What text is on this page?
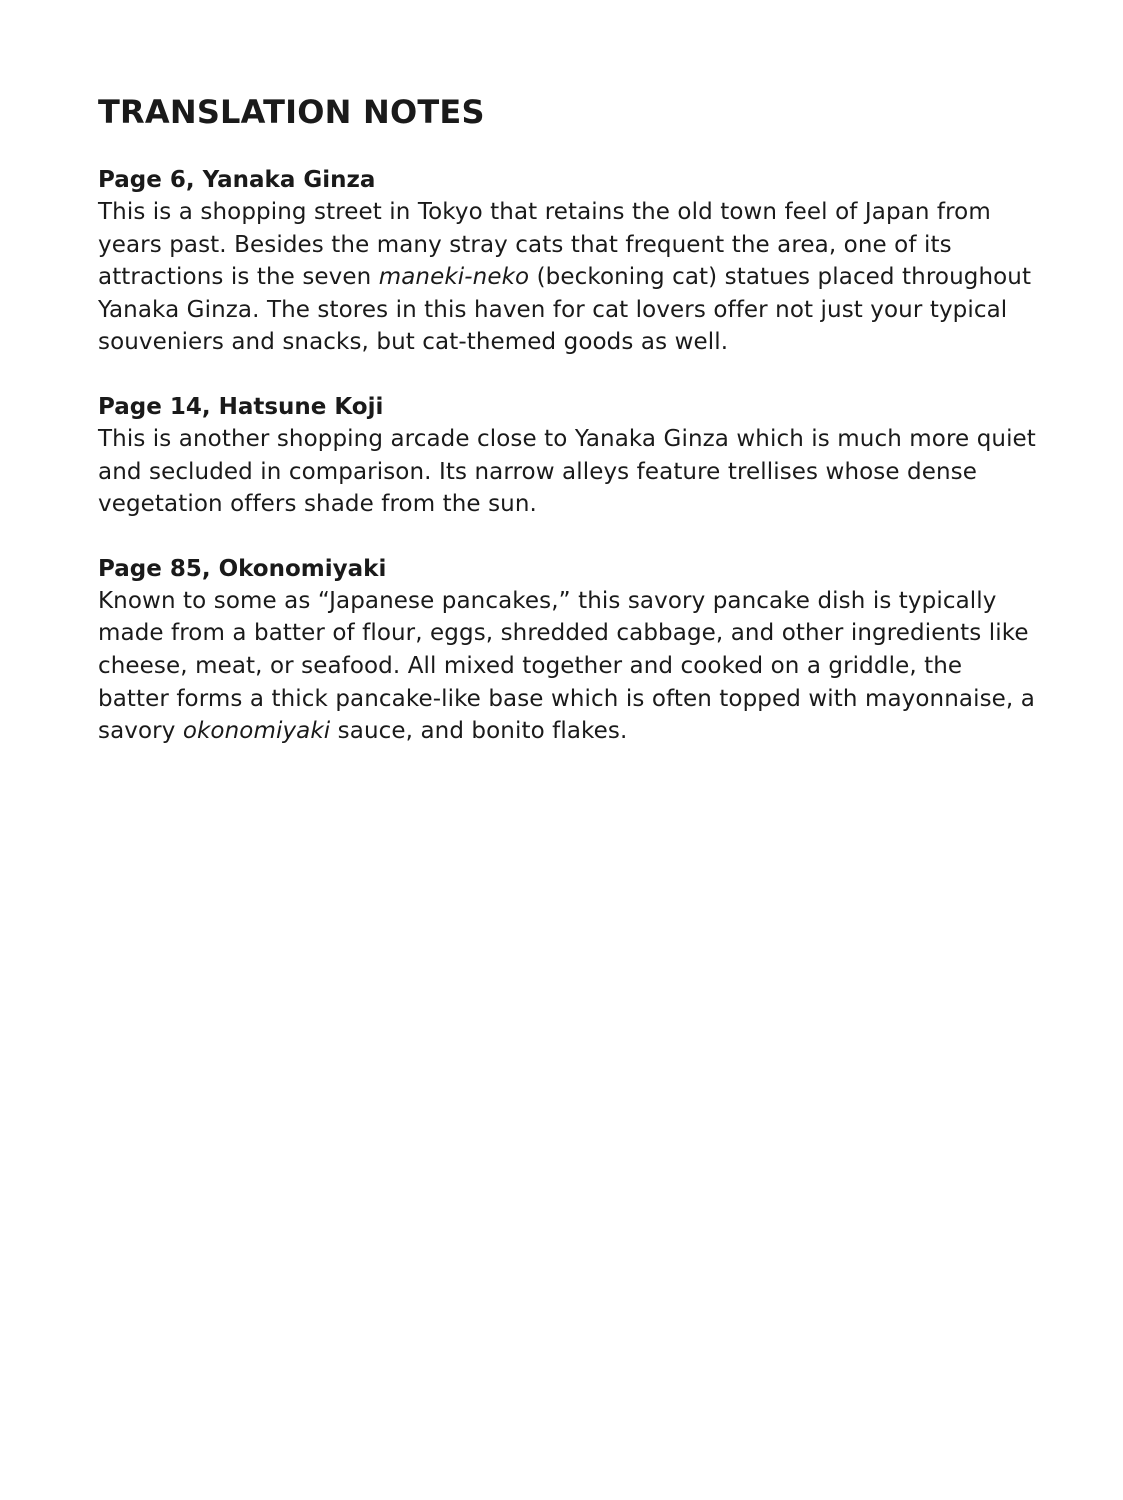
TRANSLATION NOTES

Page 6, Yanaka Ginza

This is a shopping street in Tokyo that retains the old town feel of Japan from years past. Besides the many stray cats that frequent the area, one of its attractions is the seven maneki-neko (beckoning cat) statues placed throughout Yanaka Ginza. The stores in this haven for cat lovers offer not just your typical souveniers and snacks, but cat-themed goods as well.

Page 14, Hatsune Koji

This is another shopping arcade close to Yanaka Ginza which is much more quiet and secluded in comparison. Its narrow alleys feature trellises whose dense vegetation offers shade from the sun.

Page 85, Okonomiyaki

Known to some as “Japanese pancakes,” this savory pancake dish is typically made from a batter of flour, eggs, shredded cabbage, and other ingredients like cheese, meat, or seafood. All mixed together and cooked on a griddle, the batter forms a thick pancake-like base which is often topped with mayonnaise, a savory okonomiyaki sauce, and bonito flakes.
